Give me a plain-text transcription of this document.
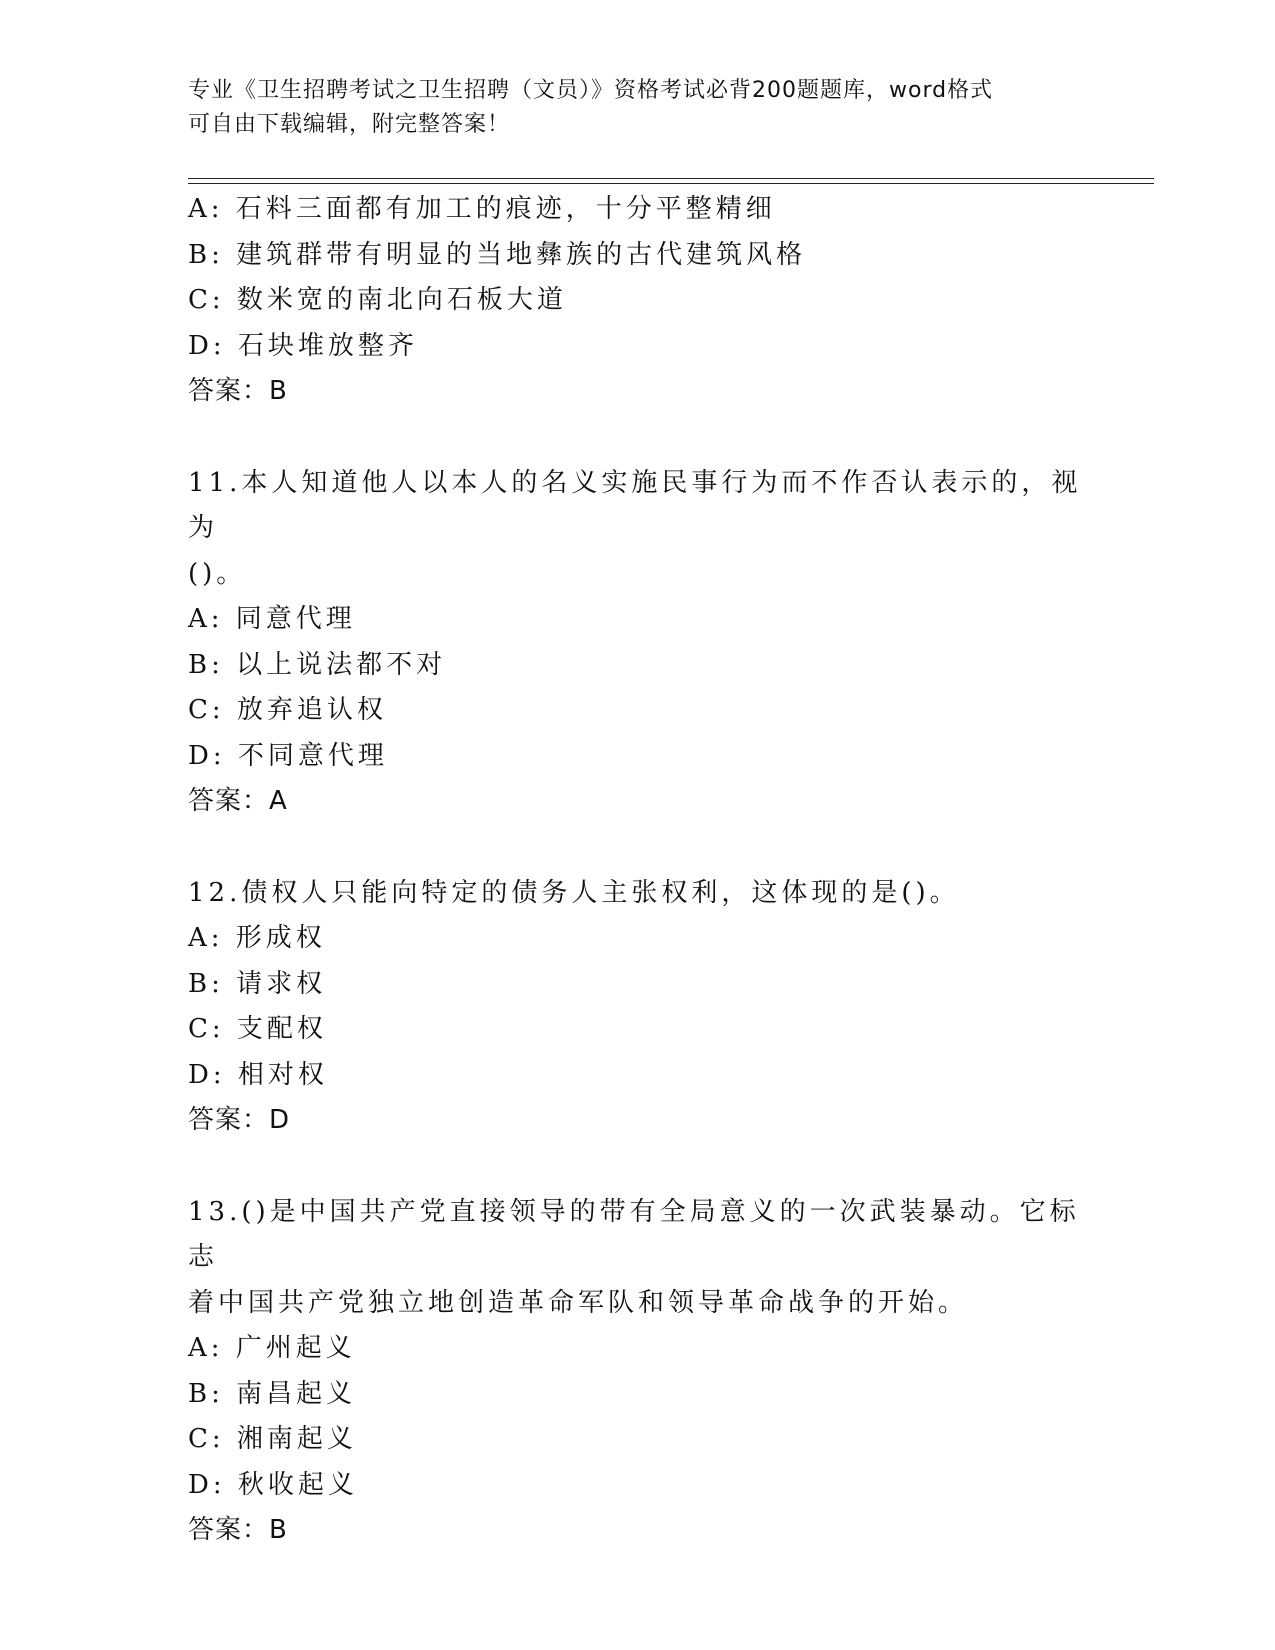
专业《卫生招聘考试之卫生招聘（文员）》资格考试必背200题题库，word格式
可自由下载编辑，附完整答案！
A: 石料三面都有加工的痕迹，十分平整精细
B: 建筑群带有明显的当地彝族的古代建筑风格
C: 数米宽的南北向石板大道
D: 石块堆放整齐
答案：B
11.本人知道他人以本人的名义实施民事行为而不作否认表示的，视为
()。
A: 同意代理
B: 以上说法都不对
C: 放弃追认权
D: 不同意代理
答案：A
12.债权人只能向特定的债务人主张权利，这体现的是()。
A: 形成权
B: 请求权
C: 支配权
D: 相对权
答案：D
13.()是中国共产党直接领导的带有全局意义的一次武装暴动。它标志
着中国共产党独立地创造革命军队和领导革命战争的开始。
A: 广州起义
B: 南昌起义
C: 湘南起义
D: 秋收起义
答案：B
